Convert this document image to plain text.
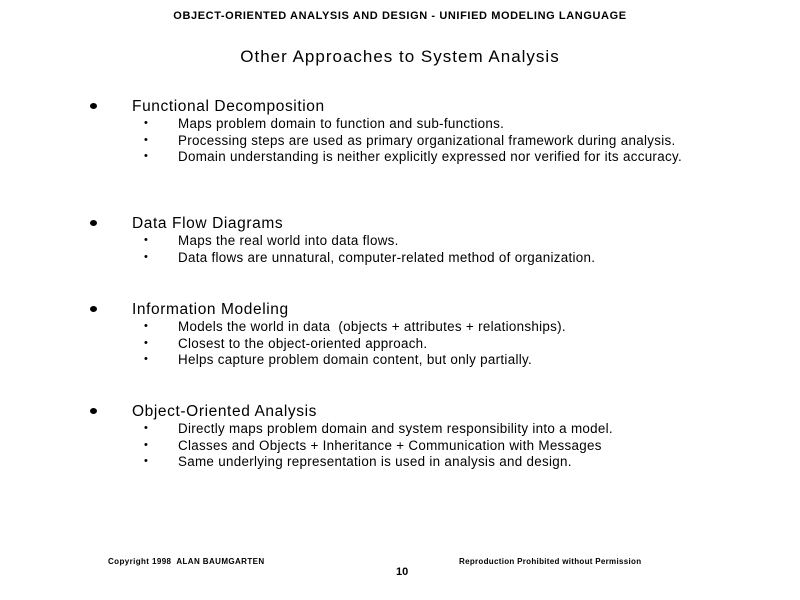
OBJECT-ORIENTED ANALYSIS AND DESIGN - UNIFIED MODELING LANGUAGE
Other Approaches to System Analysis
Functional Decomposition
• Maps problem domain to function and sub-functions.
• Processing steps are used as primary organizational framework during analysis.
• Domain understanding is neither explicitly expressed nor verified for its accuracy.
Data Flow Diagrams
• Maps the real world into data flows.
• Data flows are unnatural, computer-related method of organization.
Information Modeling
• Models the world in data  (objects + attributes + relationships).
• Closest to the object-oriented approach.
• Helps capture problem domain content, but only partially.
Object-Oriented Analysis
• Directly maps problem domain and system responsibility into a model.
• Classes and Objects + Inheritance + Communication with Messages
• Same underlying representation is used in analysis and design.
Copyright 1998  ALAN BAUMGARTEN	Reproduction Prohibited without Permission
10
